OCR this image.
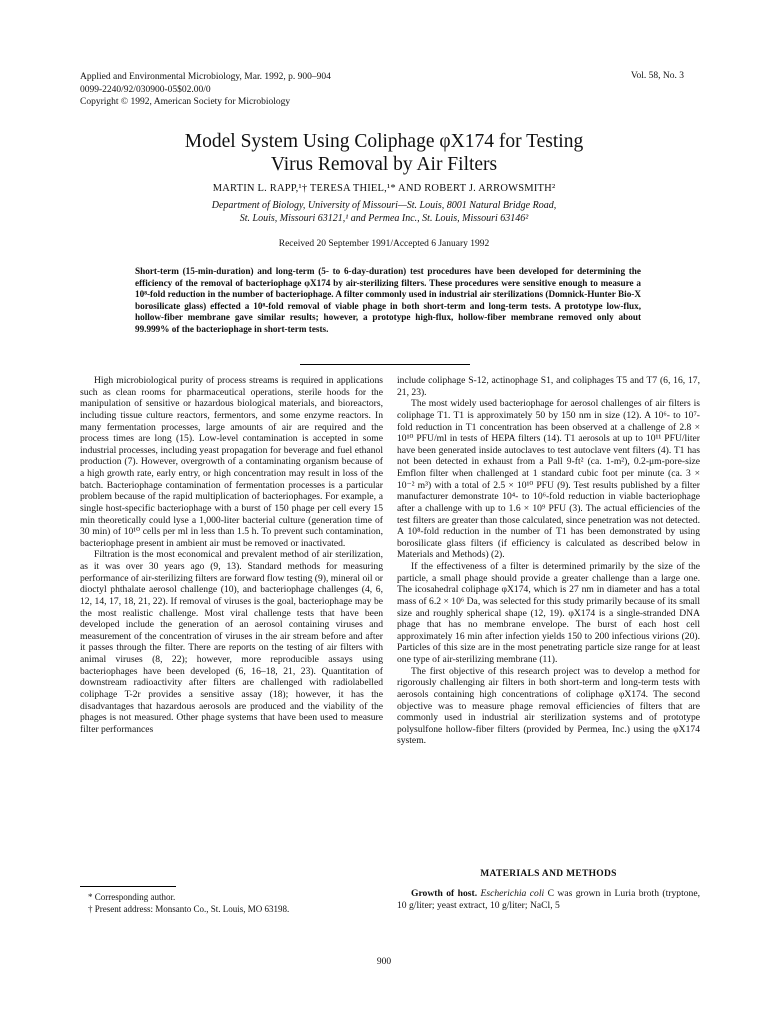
Applied and Environmental Microbiology, Mar. 1992, p. 900–904
0099-2240/92/030900-05$02.00/0
Copyright © 1992, American Society for Microbiology
Vol. 58, No. 3
Model System Using Coliphage φX174 for Testing
Virus Removal by Air Filters
MARTIN L. RAPP,¹† TERESA THIEL,¹* AND ROBERT J. ARROWSMITH²
Department of Biology, University of Missouri—St. Louis, 8001 Natural Bridge Road,
St. Louis, Missouri 63121,¹ and Permea Inc., St. Louis, Missouri 63146²
Received 20 September 1991/Accepted 6 January 1992

Short-term (15-min-duration) and long-term (5- to 6-day-duration) test procedures have been developed for determining the efficiency of the removal of bacteriophage φX174 by air-sterilizing filters. These procedures were sensitive enough to measure a 10⁸-fold reduction in the number of bacteriophage. A filter commonly used in industrial air sterilizations (Domnick-Hunter Bio-X borosilicate glass) effected a 10⁸-fold removal of viable phage in both short-term and long-term tests. A prototype low-flux, hollow-fiber membrane gave similar results; however, a prototype high-flux, hollow-fiber membrane removed only about 99.999% of the bacteriophage in short-term tests.

High microbiological purity of process streams is required in applications such as clean rooms for pharmaceutical operations, sterile hoods for the manipulation of sensitive or hazardous biological materials, and bioreactors, including tissue culture reactors, fermentors, and some enzyme reactors. In many fermentation processes, large amounts of air are required and the process times are long (15). Low-level contamination is accepted in some industrial processes, including yeast propagation for beverage and fuel ethanol production (7). However, overgrowth of a contaminating organism because of a high growth rate, early entry, or high concentration may result in loss of the batch. Bacteriophage contamination of fermentation processes is a particular problem because of the rapid multiplication of bacteriophages. For example, a single host-specific bacteriophage with a burst of 150 phage per cell every 15 min theoretically could lyse a 1,000-liter bacterial culture (generation time of 30 min) of 10¹⁰ cells per ml in less than 1.5 h. To prevent such contamination, bacteriophage present in ambient air must be removed or inactivated.

Filtration is the most economical and prevalent method of air sterilization, as it was over 30 years ago (9, 13). Standard methods for measuring performance of air-sterilizing filters are forward flow testing (9), mineral oil or dioctyl phthalate aerosol challenge (10), and bacteriophage challenges (4, 6, 12, 14, 17, 18, 21, 22). If removal of viruses is the goal, bacteriophage may be the most realistic challenge. Most viral challenge tests that have been developed include the generation of an aerosol containing viruses and measurement of the concentration of viruses in the air stream before and after it passes through the filter. There are reports on the testing of air filters with animal viruses (8, 22); however, more reproducible assays using bacteriophages have been developed (6, 16–18, 21, 23). Quantitation of downstream radioactivity after filters are challenged with radiolabelled coliphage T-2r provides a sensitive assay (18); however, it has the disadvantages that hazardous aerosols are produced and the viability of the phages is not measured. Other phage systems that have been used to measure filter performances

include coliphage S-12, actinophage S1, and coliphages T5 and T7 (6, 16, 17, 21, 23).

The most widely used bacteriophage for aerosol challenges of air filters is coliphage T1. T1 is approximately 50 by 150 nm in size (12). A 10⁶- to 10⁷-fold reduction in T1 concentration has been observed at a challenge of 2.8 × 10¹⁰ PFU/ml in tests of HEPA filters (14). T1 aerosols at up to 10¹¹ PFU/liter have been generated inside autoclaves to test autoclave vent filters (4). T1 has not been detected in exhaust from a Pall 9-ft² (ca. 1-m²), 0.2-μm-pore-size Emflon filter when challenged at 1 standard cubic foot per minute (ca. 3 × 10⁻² m³) with a total of 2.5 × 10¹⁰ PFU (9). Test results published by a filter manufacturer demonstrate 10⁴- to 10⁶-fold reduction in viable bacteriophage after a challenge with up to 1.6 × 10⁹ PFU (3). The actual efficiencies of the test filters are greater than those calculated, since penetration was not detected. A 10⁸-fold reduction in the number of T1 has been demonstrated by using borosilicate glass filters (if efficiency is calculated as described below in Materials and Methods) (2).

If the effectiveness of a filter is determined primarily by the size of the particle, a small phage should provide a greater challenge than a large one. The icosahedral coliphage φX174, which is 27 nm in diameter and has a total mass of 6.2 × 10⁶ Da, was selected for this study primarily because of its small size and roughly spherical shape (12, 19). φX174 is a single-stranded DNA phage that has no membrane envelope. The burst of each host cell approximately 16 min after infection yields 150 to 200 infectious virions (20). Particles of this size are in the most penetrating particle size range for at least one type of air-sterilizing membrane (11).

The first objective of this research project was to develop a method for rigorously challenging air filters in both short-term and long-term tests with aerosols containing high concentrations of coliphage φX174. The second objective was to measure phage removal efficiencies of filters that are commonly used in industrial air sterilization systems and of prototype polysulfone hollow-fiber filters (provided by Permea, Inc.) using the φX174 system.

MATERIALS AND METHODS

Growth of host. Escherichia coli C was grown in Luria broth (tryptone, 10 g/liter; yeast extract, 10 g/liter; NaCl, 5

* Corresponding author.
† Present address: Monsanto Co., St. Louis, MO 63198.
900
